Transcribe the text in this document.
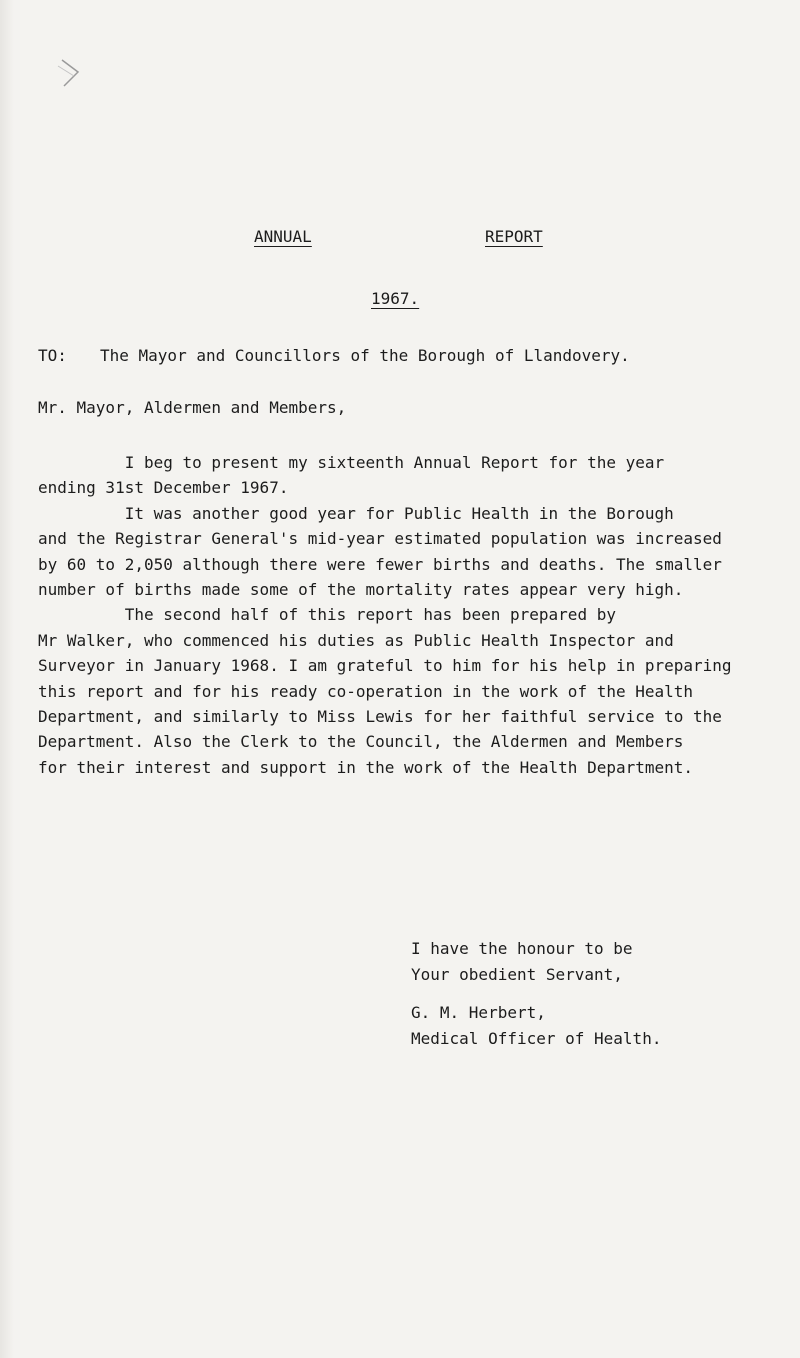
ANNUAL	REPORT
1967.
TO: The Mayor and Councillors of the Borough of Llandovery.
Mr. Mayor, Aldermen and Members,
I beg to present my sixteenth Annual Report for the year
ending 31st December 1967.
It was another good year for Public Health in the Borough
and the Registrar General's mid-year estimated population was increased
by 60 to 2,050 although there were fewer births and deaths. The smaller
number of births made some of the mortality rates appear very high.
The second half of this report has been prepared by
Mr Walker, who commenced his duties as Public Health Inspector and
Surveyor in January 1968. I am grateful to him for his help in preparing
this report and for his ready co-operation in the work of the Health
Department, and similarly to Miss Lewis for her faithful service to the
Department. Also the Clerk to the Council, the Aldermen and Members
for their interest and support in the work of the Health Department.
I have the honour to be
Your obedient Servant,
G. M. Herbert,
Medical Officer of Health.
